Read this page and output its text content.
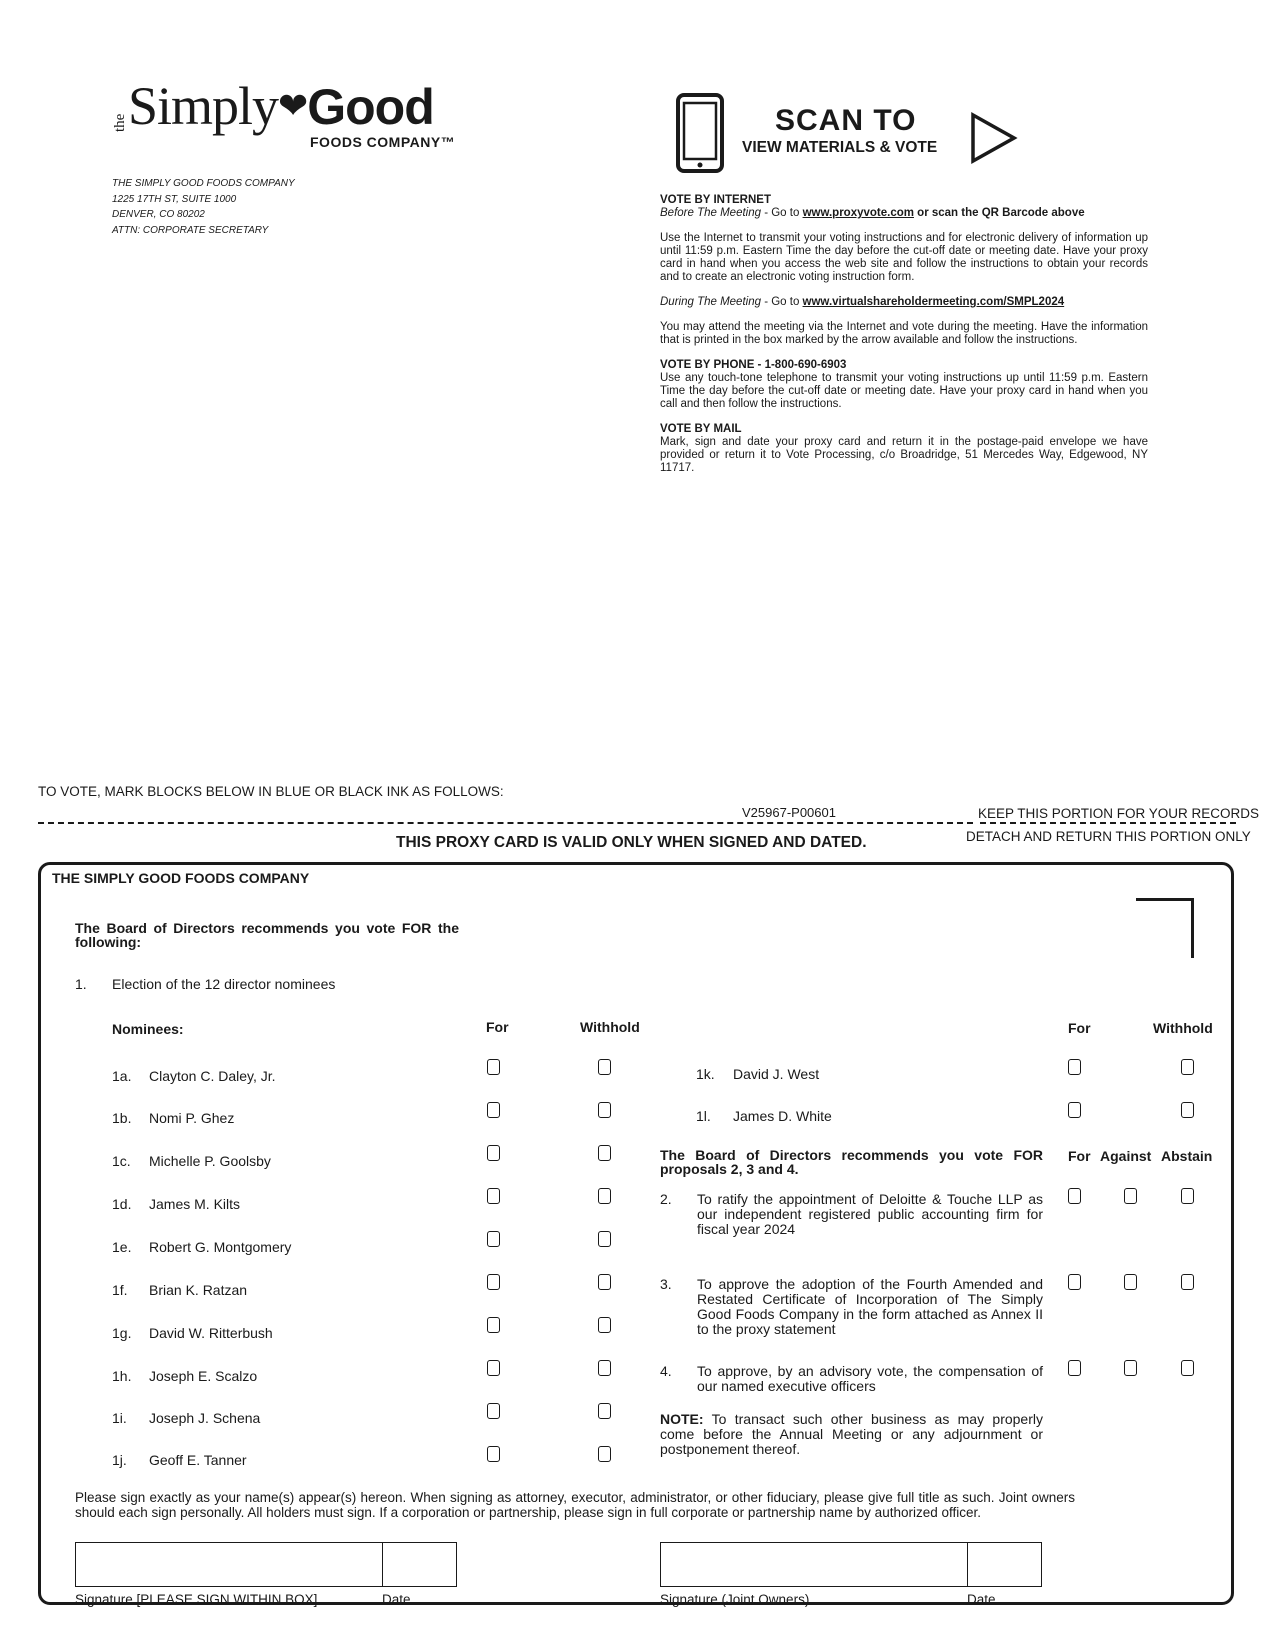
the Simply❤Good
FOODS COMPANY™
THE SIMPLY GOOD FOODS COMPANY
1225 17TH ST, SUITE 1000
DENVER, CO 80202
ATTN: CORPORATE SECRETARY
SCAN TO
VIEW MATERIALS & VOTE
VOTE BY INTERNET
Before The Meeting - Go to www.proxyvote.com or scan the QR Barcode above
Use the Internet to transmit your voting instructions and for electronic delivery of information up until 11:59 p.m. Eastern Time the day before the cut-off date or meeting date. Have your proxy card in hand when you access the web site and follow the instructions to obtain your records and to create an electronic voting instruction form.
During The Meeting - Go to www.virtualshareholdermeeting.com/SMPL2024
You may attend the meeting via the Internet and vote during the meeting. Have the information that is printed in the box marked by the arrow available and follow the instructions.
VOTE BY PHONE - 1-800-690-6903
Use any touch-tone telephone to transmit your voting instructions up until 11:59 p.m. Eastern Time the day before the cut-off date or meeting date. Have your proxy card in hand when you call and then follow the instructions.
VOTE BY MAIL
Mark, sign and date your proxy card and return it in the postage-paid envelope we have provided or return it to Vote Processing, c/o Broadridge, 51 Mercedes Way, Edgewood, NY 11717.
TO VOTE, MARK BLOCKS BELOW IN BLUE OR BLACK INK AS FOLLOWS:
V25967-P00601	KEEP THIS PORTION FOR YOUR RECORDS
DETACH AND RETURN THIS PORTION ONLY
THIS PROXY CARD IS VALID ONLY WHEN SIGNED AND DATED.
THE SIMPLY GOOD FOODS COMPANY
The Board of Directors recommends you vote FOR the following:
1. Election of the 12 director nominees
Nominees:	For	Withhold	For	Withhold
1a. Clayton C. Daley, Jr.
1b. Nomi P. Ghez
1c. Michelle P. Goolsby
1d. James M. Kilts
1e. Robert G. Montgomery
1f. Brian K. Ratzan
1g. David W. Ritterbush
1h. Joseph E. Scalzo
1i. Joseph J. Schena
1j. Geoff E. Tanner
1k. David J. West
1l. James D. White
The Board of Directors recommends you vote FOR proposals 2, 3 and 4.
For Against Abstain
2. To ratify the appointment of Deloitte & Touche LLP as our independent registered public accounting firm for fiscal year 2024
3. To approve the adoption of the Fourth Amended and Restated Certificate of Incorporation of The Simply Good Foods Company in the form attached as Annex II to the proxy statement
4. To approve, by an advisory vote, the compensation of our named executive officers
NOTE: To transact such other business as may properly come before the Annual Meeting or any adjournment or postponement thereof.
Please sign exactly as your name(s) appear(s) hereon. When signing as attorney, executor, administrator, or other fiduciary, please give full title as such. Joint owners should each sign personally. All holders must sign. If a corporation or partnership, please sign in full corporate or partnership name by authorized officer.
Signature [PLEASE SIGN WITHIN BOX]	Date	Signature (Joint Owners)	Date
